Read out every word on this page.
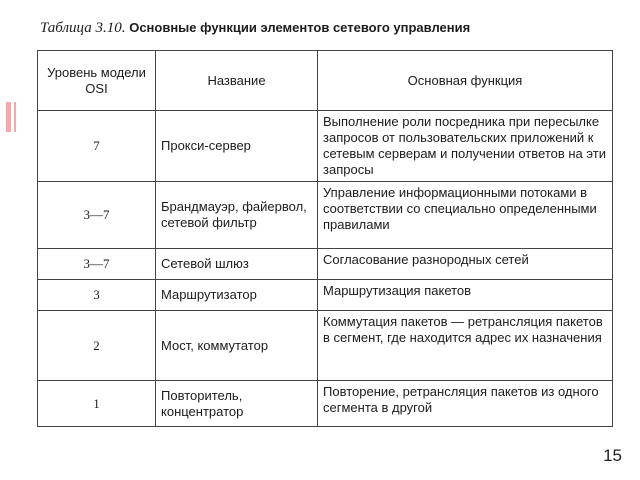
Таблица 3.10. Основные функции элементов сетевого управления
Уровень модели OSI	Название	Основная функция
7	Прокси-сервер	Выполнение роли посредника при пересылке запросов от пользовательских приложений к сетевым серверам и получении ответов на эти запросы
3—7	Брандмауэр, файервол, сетевой фильтр	Управление информационными потоками в соответствии со специально определенными правилами
3—7	Сетевой шлюз	Согласование разнородных сетей
3	Маршрутизатор	Маршрутизация пакетов
2	Мост, коммутатор	Коммутация пакетов — ретрансляция пакетов в сегмент, где находится адрес их назначения
1	Повторитель, концентратор	Повторение, ретрансляция пакетов из одного сегмента в другой
15
